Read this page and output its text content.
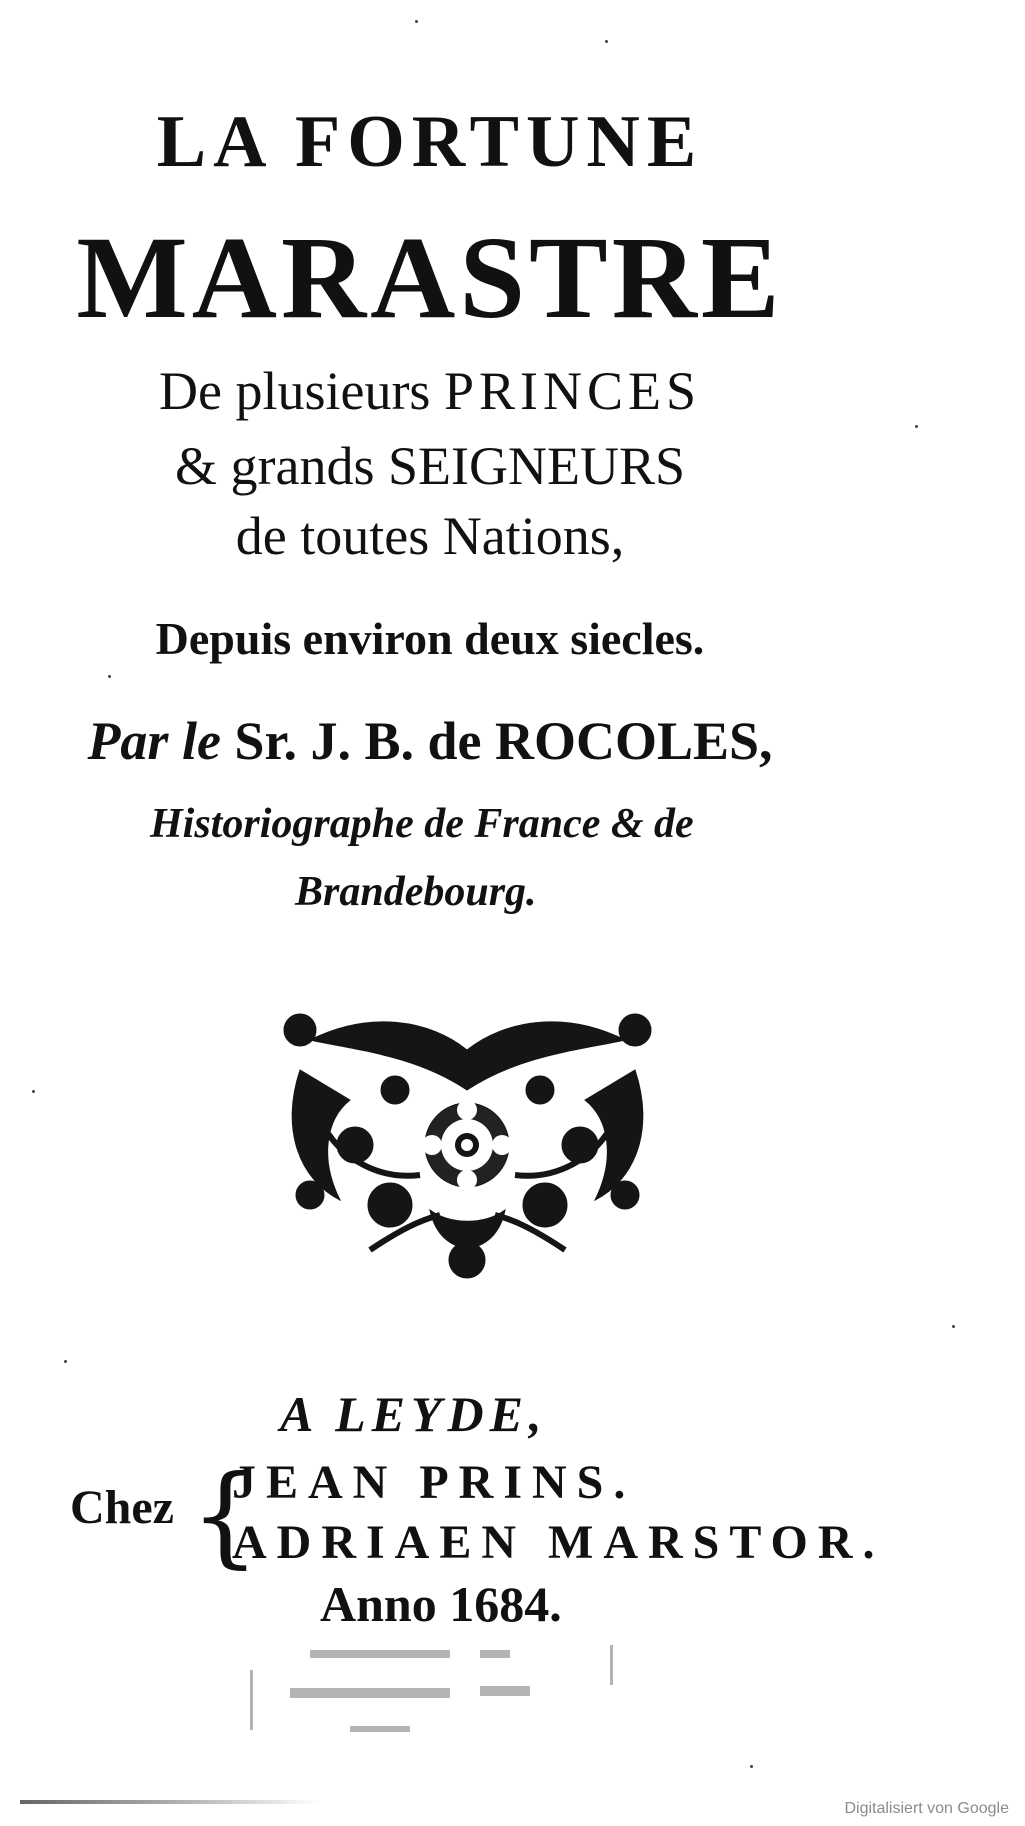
LA FORTUNE
MARASTRE
De plusieurs PRINCES
& grands SEIGNEURS
de toutes Nations,
Depuis environ deux siecles.
Par le Sr. J. B. de ROCOLES,
Historiographe de France & de
Brandebourg.
A LEYDE,
Chez {
JEAN PRINS.
ADRIAEN MARSTOR.
Anno 1684.
Digitalisiert von Google
